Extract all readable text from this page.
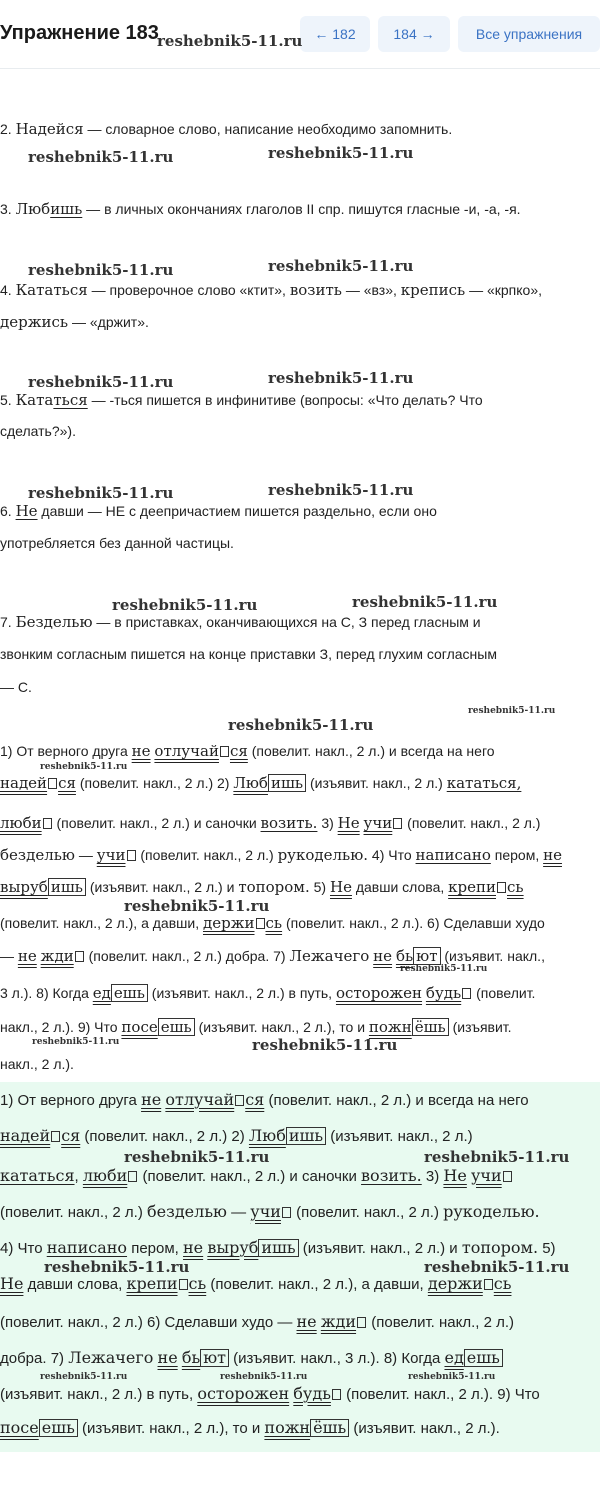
Упражнение 183	← 182	184 →	Все упражнения
reshebnik5-11.ru
reshebnik5-11.ru	reshebnik5-11.ru
reshebnik5-11.ru	reshebnik5-11.ru
reshebnik5-11.ru	reshebnik5-11.ru
reshebnik5-11.ru	reshebnik5-11.ru
reshebnik5-11.ru	reshebnik5-11.ru
reshebnik5-11.ru
reshebnik5-11.ru
reshebnik5-11.ru
reshebnik5-11.ru
reshebnik5-11.ru
reshebnik5-11.ru	reshebnik5-11.ru
2. Надейся — словарное слово, написание необходимо запомнить.
3. Любишь — в личных окончаниях глаголов II спр. пишутся гласные -и, -а, -я.
4. Кататься — проверочное слово «ктит», возить — «вз», крепись — «крпко»,
держись — «држит».
5. Кататься — -ться пишется в инфинитиве (вопросы: «Что делать? Что
сделать?»).
6. Не давши — НЕ с деепричастием пишется раздельно, если оно
употребляется без данной частицы.
7. Безделью — в приставках, оканчивающихся на С, З перед гласным и
звонким согласным пишется на конце приставки З, перед глухим согласным
— С.
1) От верного друга не отлучай ся (повелит. накл., 2 л.) и всегда на него
надей ся (повелит. накл., 2 л.) 2) Люб ишь (изъявит. накл., 2 л.) кататься,
люби (повелит. накл., 2 л.) и саночки возить. 3) Не учи (повелит. накл., 2 л.)
безделью — учи (повелит. накл., 2 л.) рукоделью. 4) Что написано пером, не
выруб ишь (изъявит. накл., 2 л.) и топором. 5) Не давши слова, крепи сь
(повелит. накл., 2 л.), а давши, держи сь (повелит. накл., 2 л.). 6) Сделавши худо
— не жди (повелит. накл., 2 л.) добра. 7) Лежачего не бь ют (изъявит. накл.,
3 л.). 8) Когда ед ешь (изъявит. накл., 2 л.) в путь, осторожен будь (повелит.
накл., 2 л.). 9) Что посе ешь (изъявит. накл., 2 л.), то и пожн ёшь (изъявит.
накл., 2 л.).
reshebnik5-11.ru	reshebnik5-11.ru
reshebnik5-11.ru	reshebnik5-11.ru
reshebnik5-11.ru	reshebnik5-11.ru	reshebnik5-11.ru
1) От верного друга не отлучай ся (повелит. накл., 2 л.) и всегда на него
надей ся (повелит. накл., 2 л.) 2) Люб ишь (изъявит. накл., 2 л.)
кататься, люби (повелит. накл., 2 л.) и саночки возить. 3) Не учи
(повелит. накл., 2 л.) безделью — учи (повелит. накл., 2 л.) рукоделью.
4) Что написано пером, не выруб ишь (изъявит. накл., 2 л.) и топором. 5)
Не давши слова, крепи сь (повелит. накл., 2 л.), а давши, держи сь
(повелит. накл., 2 л.) 6) Сделавши худо — не жди (повелит. накл., 2 л.)
добра. 7) Лежачего не бь ют (изъявит. накл., 3 л.). 8) Когда ед ешь
(изъявит. накл., 2 л.) в путь, осторожен будь (повелит. накл., 2 л.). 9) Что
посе ешь (изъявит. накл., 2 л.), то и пожн ёшь (изъявит. накл., 2 л.).
